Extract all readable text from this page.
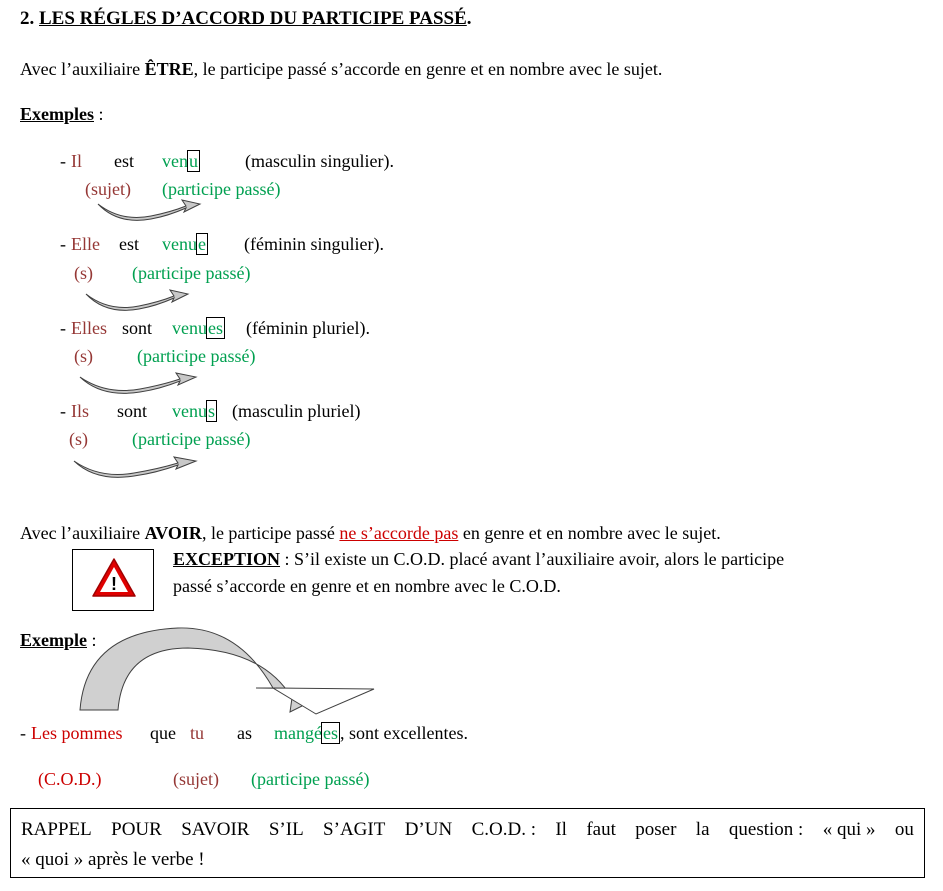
2. LES RÉGLES D’ACCORD DU PARTICIPE PASSÉ.
Avec l’auxiliaire ÊTRE, le participe passé s’accorde en genre et en nombre avec le sujet.
Exemples :
- Il est venu	(masculin singulier).
(sujet) (participe passé)
- Elle est venue (féminin singulier).
(s) (participe passé)
- Elles sont venues (féminin pluriel).
(s) (participe passé)
- Ils sont venus (masculin pluriel)
(s) (participe passé)
Avec l’auxiliaire AVOIR, le participe passé ne s’accorde pas en genre et en nombre avec le sujet.
!
EXCEPTION : S’il existe un C.O.D. placé avant l’auxiliaire avoir, alors le participe
passé s’accorde en genre et en nombre avec le C.O.D.
Exemple :
- Les pommes que tu as mangées , sont excellentes.
(C.O.D.)	(sujet) (participe passé)
RAPPEL POUR SAVOIR S’IL S’AGIT D’UN C.O.D. : Il faut poser la question : « qui » ou
« quoi » après le verbe !
